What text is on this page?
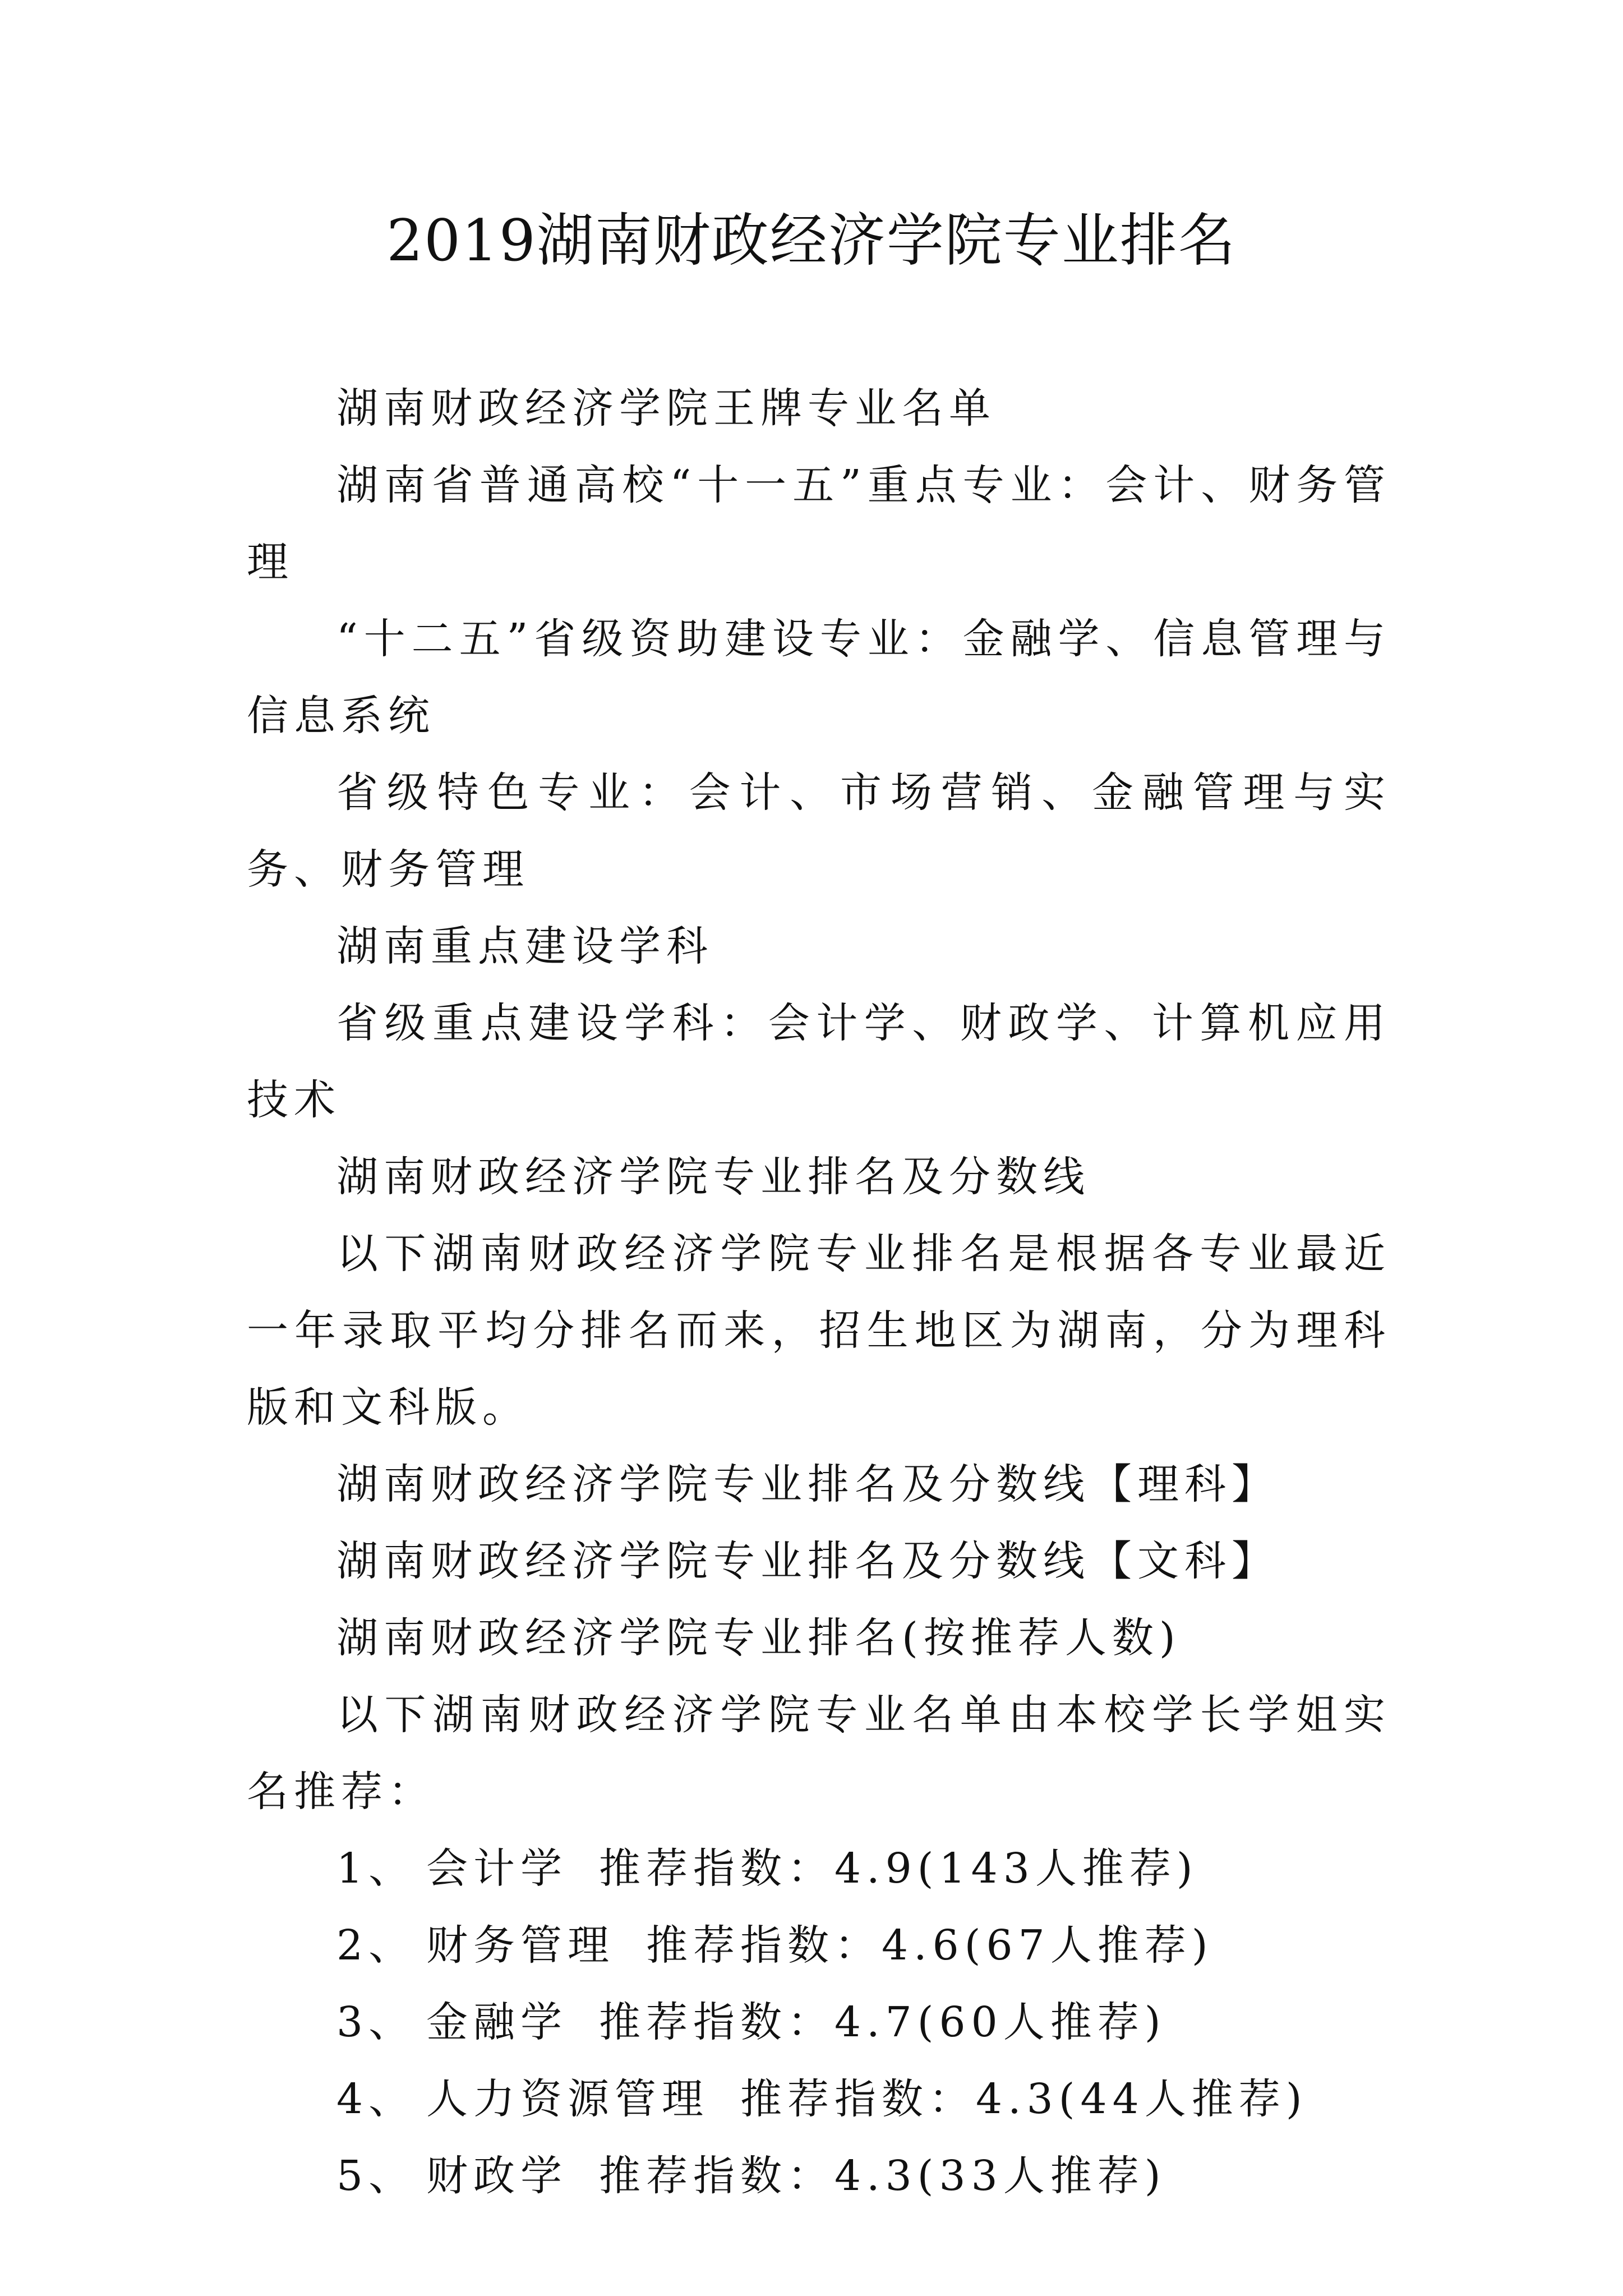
2019湖南财政经济学院专业排名

湖南财政经济学院王牌专业名单

湖南省普通高校“十一五”重点专业：会计、财务管理

“十二五”省级资助建设专业：金融学、信息管理与信息系统

省级特色专业：会计、市场营销、金融管理与实务、财务管理

湖南重点建设学科

省级重点建设学科：会计学、财政学、计算机应用技术

湖南财政经济学院专业排名及分数线

以下湖南财政经济学院专业排名是根据各专业最近一年录取平均分排名而来，招生地区为湖南，分为理科版和文科版。

湖南财政经济学院专业排名及分数线【理科】

湖南财政经济学院专业排名及分数线【文科】

湖南财政经济学院专业排名(按推荐人数)

以下湖南财政经济学院专业名单由本校学长学姐实名推荐：

1、 会计学 推荐指数：4.9(143人推荐)

2、 财务管理 推荐指数：4.6(67人推荐)

3、 金融学 推荐指数：4.7(60人推荐)

4、 人力资源管理 推荐指数：4.3(44人推荐)

5、 财政学 推荐指数：4.3(33人推荐)
